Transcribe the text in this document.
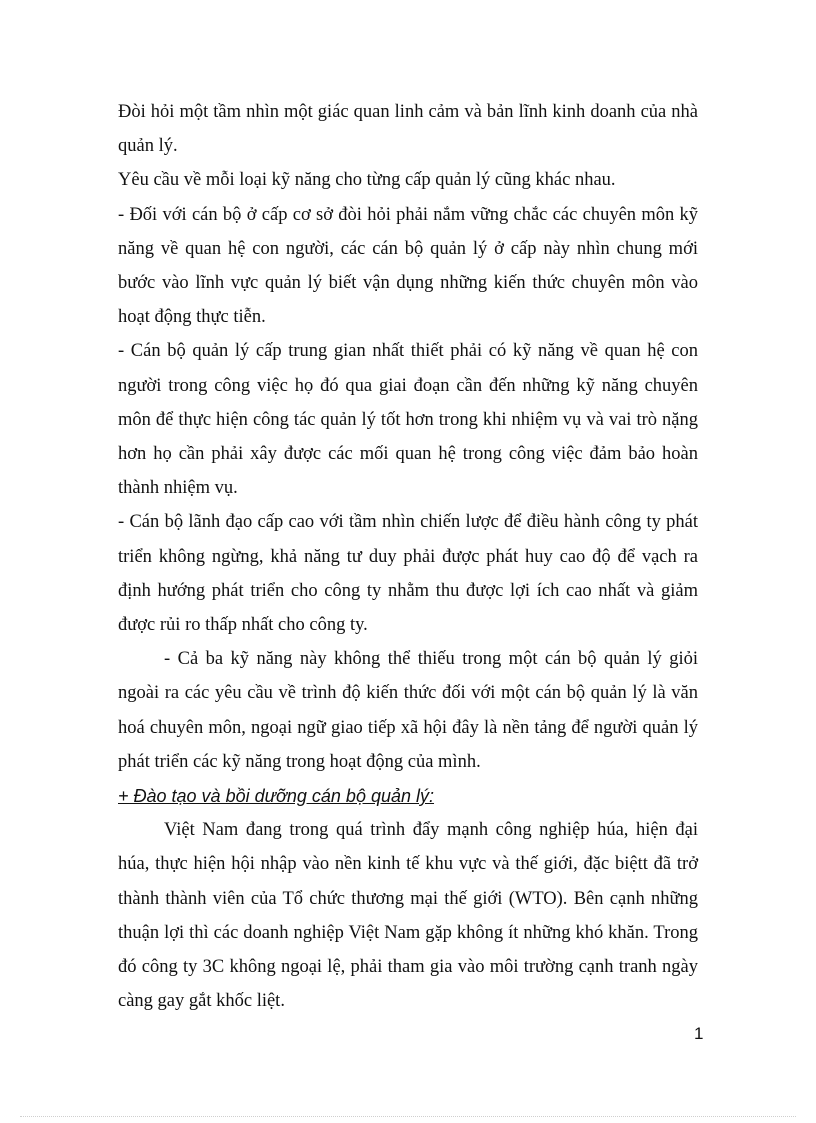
Đòi hỏi một tầm nhìn một giác quan linh cảm và bản lĩnh kinh doanh của nhà quản lý.

Yêu cầu về mỗi loại kỹ năng cho từng cấp quản lý cũng khác nhau.

- Đối với cán bộ ở cấp cơ sở đòi hỏi phải nắm vững chắc các chuyên môn kỹ năng về quan hệ con người, các cán bộ quản lý ở cấp này nhìn chung mới bước vào lĩnh vực quản lý biết vận dụng những kiến thức chuyên môn vào hoạt động thực tiễn.

- Cán bộ quản lý cấp trung gian nhất thiết phải có kỹ năng về quan hệ con người trong công việc họ đó qua giai đoạn cần đến những kỹ năng chuyên môn để thực hiện công tác quản lý tốt hơn trong khi nhiệm vụ và vai trò nặng hơn họ cần phải xây được các mối quan hệ trong công việc đảm bảo hoàn thành nhiệm vụ.

- Cán bộ lãnh đạo cấp cao với tầm nhìn chiến lược để điều hành công ty phát triển không ngừng, khả năng tư duy phải được phát huy cao độ để vạch ra định hướng phát triển cho công ty nhằm thu được lợi ích cao nhất và giảm được rủi ro thấp nhất cho công ty.

- Cả ba kỹ năng này không thể thiếu trong một cán bộ quản lý giỏi ngoài ra các yêu cầu về trình độ kiến thức đối với một cán bộ quản lý là văn hoá chuyên môn, ngoại ngữ giao tiếp xã hội đây là nền tảng để người quản lý phát triển các kỹ năng trong hoạt động của mình.

+ Đào tạo và bồi dưỡng cán bộ quản lý:

Việt Nam đang trong quá trình đẩy mạnh công nghiệp húa, hiện đại húa, thực hiện hội nhập vào nền kinh tế khu vực và thế giới, đặc biệtt đã trở thành thành viên của Tổ chức thương mại thế giới (WTO). Bên cạnh những thuận lợi thì các doanh nghiệp Việt Nam gặp không ít những khó khăn. Trong đó công ty 3C không ngoại lệ, phải tham gia vào môi trường cạnh tranh ngày càng gay gắt khốc liệt.

1
